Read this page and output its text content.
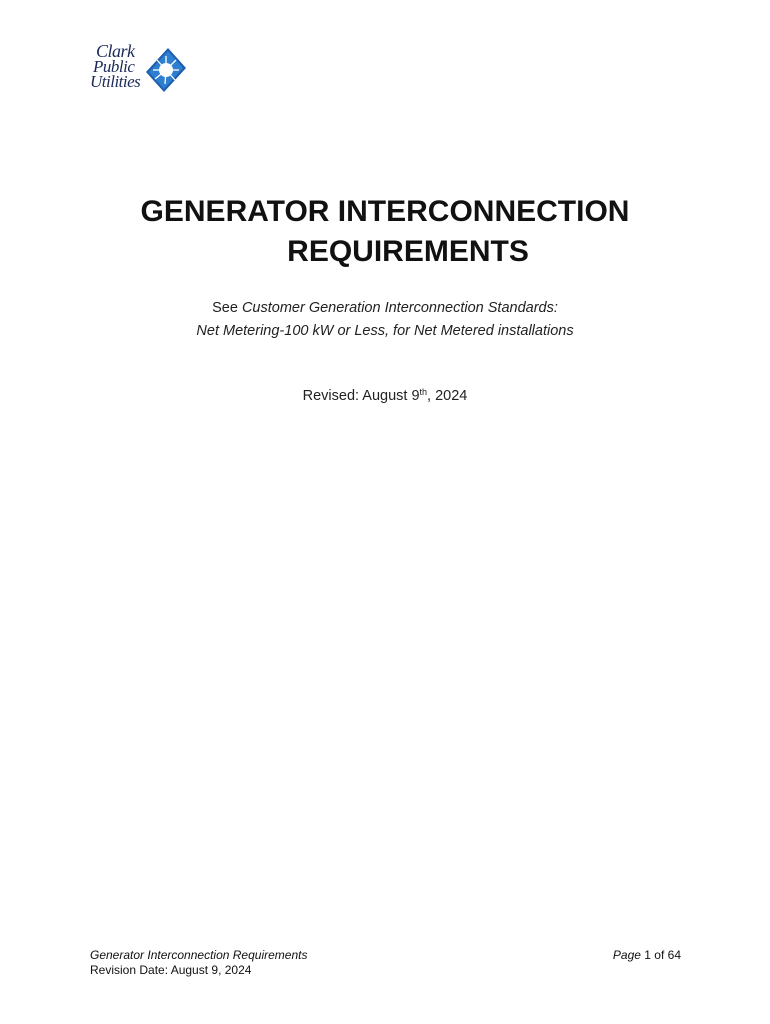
Clark
Public
Utilities
GENERATOR INTERCONNECTION
REQUIREMENTS
See Customer Generation Interconnection Standards:
Net Metering-100 kW or Less, for Net Metered installations
Revised: August 9th, 2024
Generator Interconnection Requirements
Revision Date: August 9, 2024
Page 1 of 64
